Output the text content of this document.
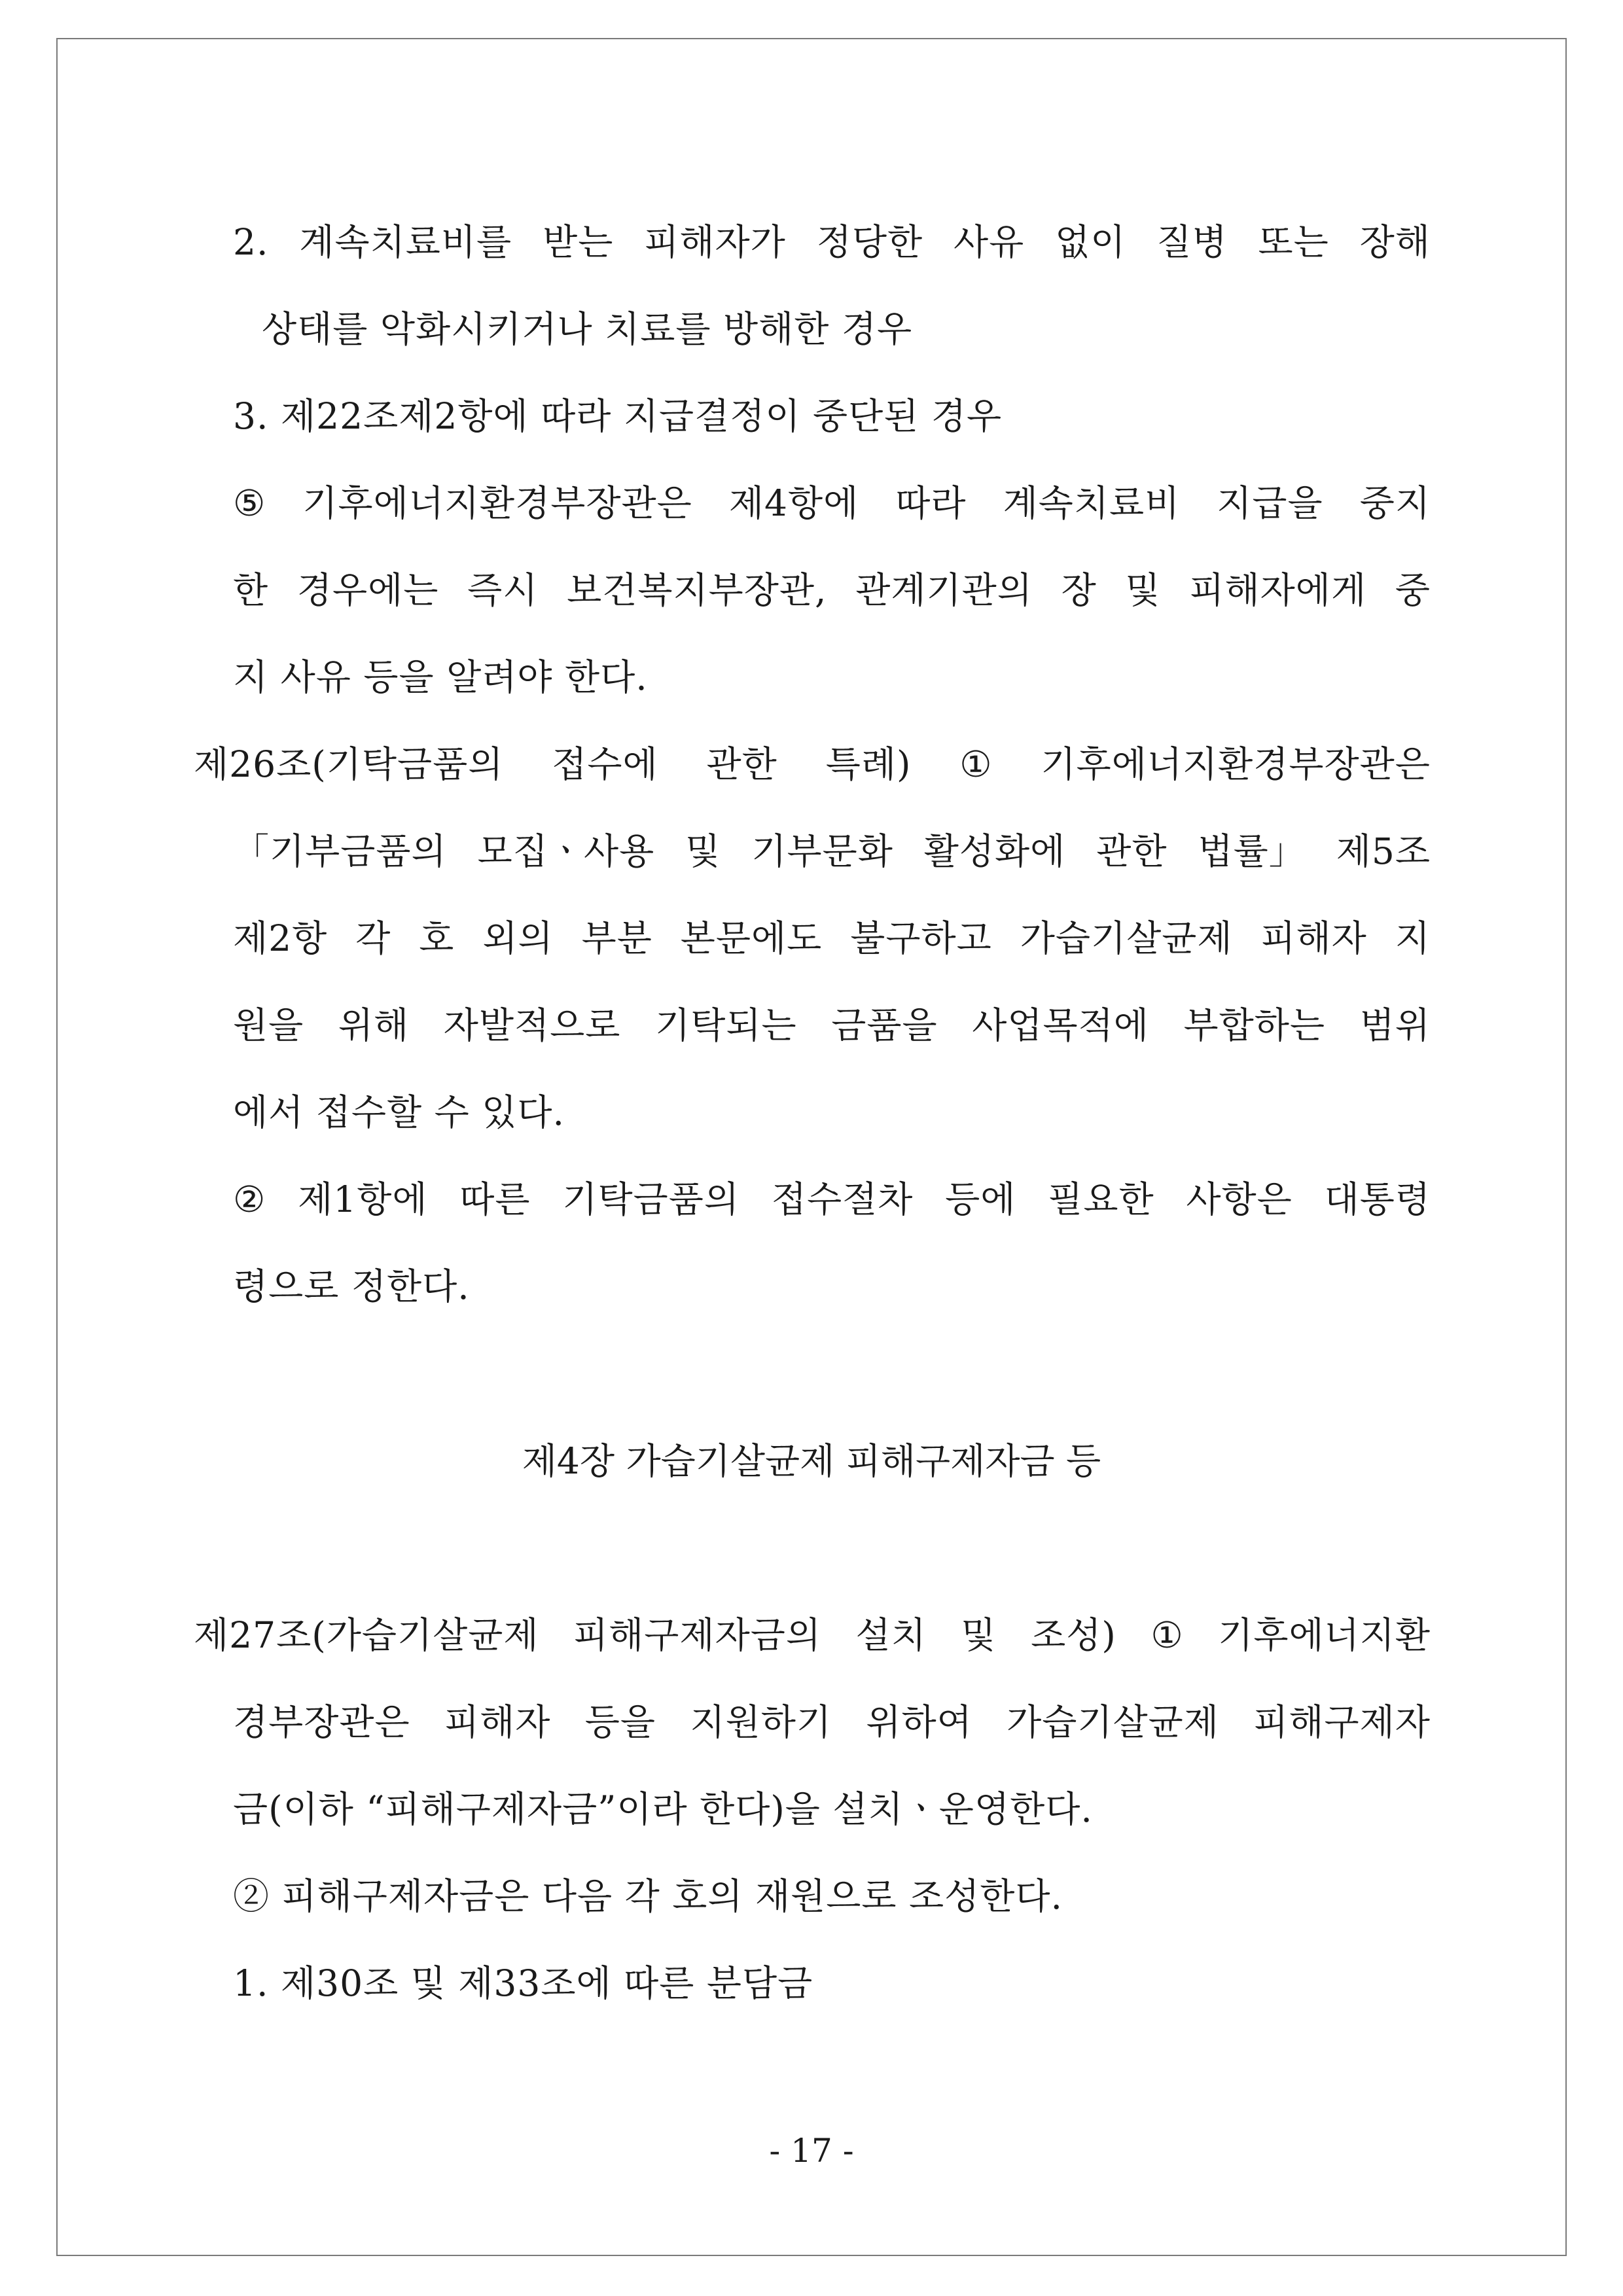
2. 계속치료비를 받는 피해자가 정당한 사유 없이 질병 또는 장해
상태를 악화시키거나 치료를 방해한 경우
3. 제22조제2항에 따라 지급결정이 중단된 경우
⑤ 기후에너지환경부장관은 제4항에 따라 계속치료비 지급을 중지
한 경우에는 즉시 보건복지부장관, 관계기관의 장 및 피해자에게 중
지 사유 등을 알려야 한다.
제26조(기탁금품의 접수에 관한 특례) ① 기후에너지환경부장관은
「기부금품의 모집ㆍ사용 및 기부문화 활성화에 관한 법률」 제5조
제2항 각 호 외의 부분 본문에도 불구하고 가습기살균제 피해자 지
원을 위해 자발적으로 기탁되는 금품을 사업목적에 부합하는 범위
에서 접수할 수 있다.
② 제1항에 따른 기탁금품의 접수절차 등에 필요한 사항은 대통령
령으로 정한다.
제4장 가습기살균제 피해구제자금 등
제27조(가습기살균제 피해구제자금의 설치 및 조성) ① 기후에너지환
경부장관은 피해자 등을 지원하기 위하여 가습기살균제 피해구제자
금(이하 “피해구제자금”이라 한다)을 설치ㆍ운영한다.
② 피해구제자금은 다음 각 호의 재원으로 조성한다.
1. 제30조 및 제33조에 따른 분담금
- 17 -
